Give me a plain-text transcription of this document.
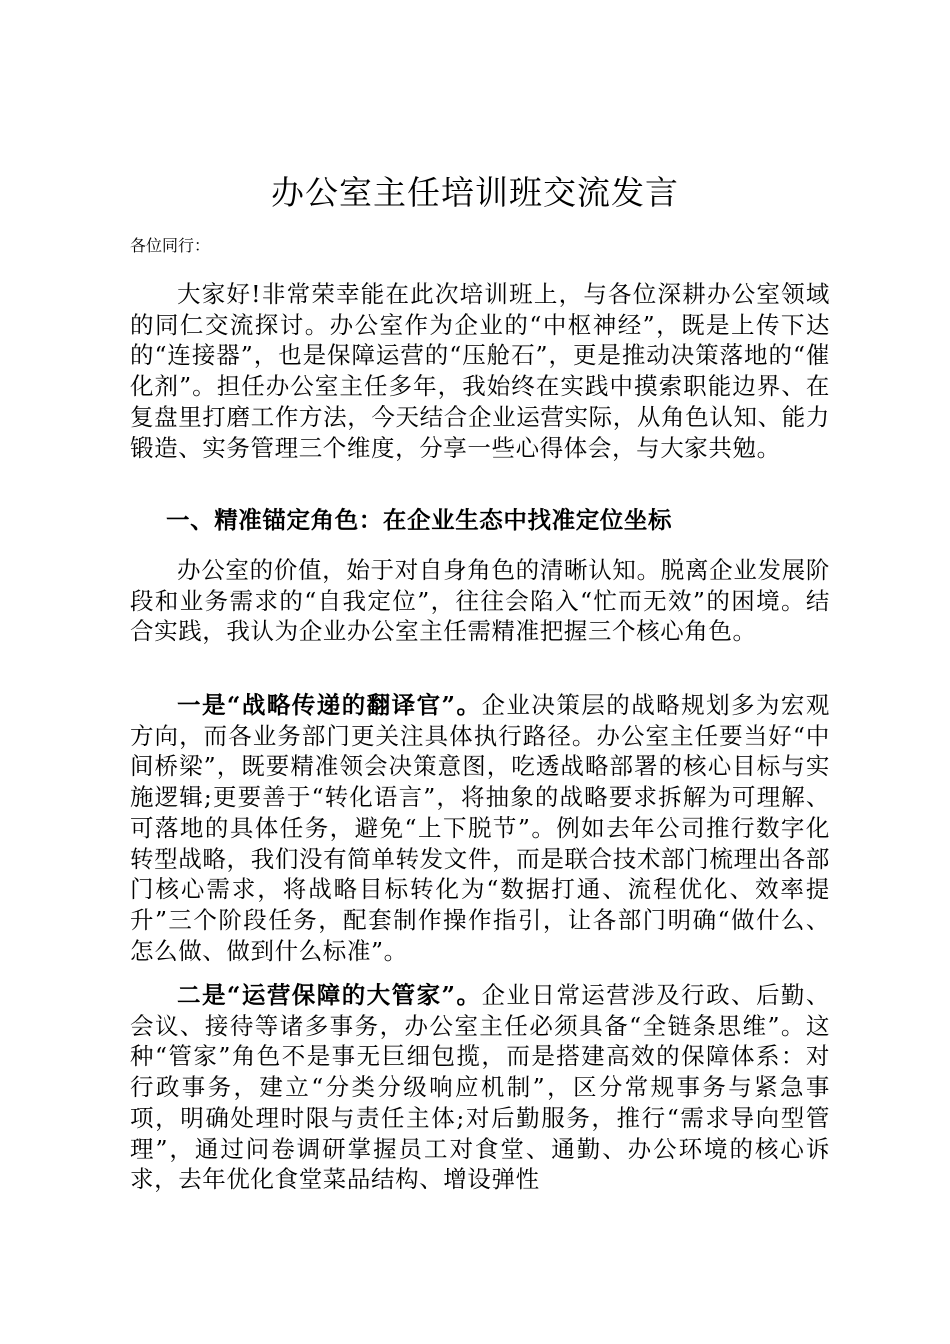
办公室主任培训班交流发言

各位同行：

大家好!非常荣幸能在此次培训班上，与各位深耕办公室领域的同仁交流探讨。办公室作为企业的“中枢神经”，既是上传下达的“连接器”，也是保障运营的“压舱石”，更是推动决策落地的“催化剂”。担任办公室主任多年，我始终在实践中摸索职能边界、在复盘里打磨工作方法，今天结合企业运营实际，从角色认知、能力锻造、实务管理三个维度，分享一些心得体会，与大家共勉。

一、精准锚定角色：在企业生态中找准定位坐标

办公室的价值，始于对自身角色的清晰认知。脱离企业发展阶段和业务需求的“自我定位”，往往会陷入“忙而无效”的困境。结合实践，我认为企业办公室主任需精准把握三个核心角色。

一是“战略传递的翻译官”。企业决策层的战略规划多为宏观方向，而各业务部门更关注具体执行路径。办公室主任要当好“中间桥梁”，既要精准领会决策意图，吃透战略部署的核心目标与实施逻辑;更要善于“转化语言”，将抽象的战略要求拆解为可理解、可落地的具体任务，避免“上下脱节”。例如去年公司推行数字化转型战略，我们没有简单转发文件，而是联合技术部门梳理出各部门核心需求，将战略目标转化为“数据打通、流程优化、效率提升”三个阶段任务，配套制作操作指引，让各部门明确“做什么、怎么做、做到什么标准”。

二是“运营保障的大管家”。企业日常运营涉及行政、后勤、会议、接待等诸多事务，办公室主任必须具备“全链条思维”。这种“管家”角色不是事无巨细包揽，而是搭建高效的保障体系：对行政事务，建立“分类分级响应机制”，区分常规事务与紧急事项，明确处理时限与责任主体;对后勤服务，推行“需求导向型管理”，通过问卷调研掌握员工对食堂、通勤、办公环境的核心诉求，去年优化食堂菜品结构、增设弹性
